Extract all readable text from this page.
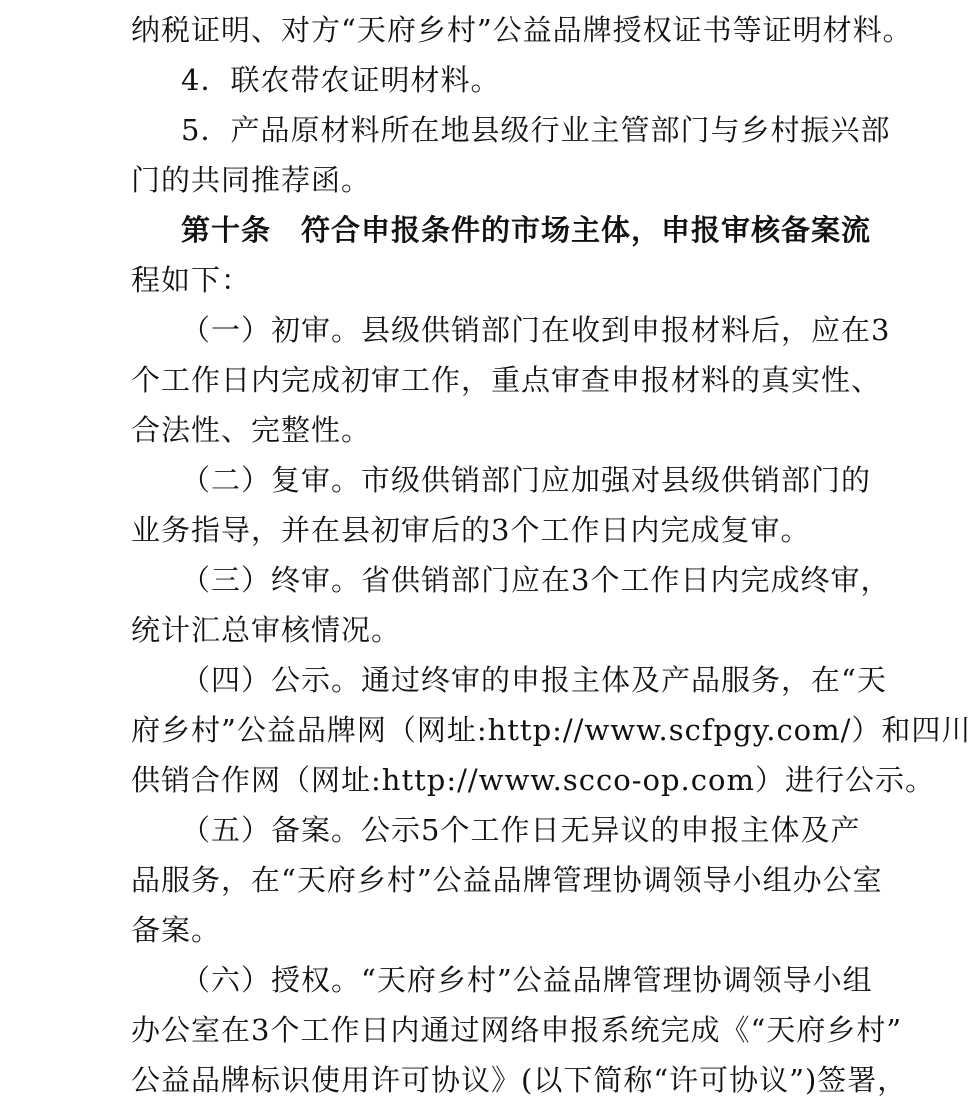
纳税证明、对方“天府乡村”公益品牌授权证书等证明材料。
4．联农带农证明材料。
5．产品原材料所在地县级行业主管部门与乡村振兴部
门的共同推荐函。
第十条　符合申报条件的市场主体，申报审核备案流
程如下：
（一）初审。县级供销部门在收到申报材料后，应在3
个工作日内完成初审工作，重点审查申报材料的真实性、
合法性、完整性。
（二）复审。市级供销部门应加强对县级供销部门的
业务指导，并在县初审后的3个工作日内完成复审。
（三）终审。省供销部门应在3个工作日内完成终审，
统计汇总审核情况。
（四）公示。通过终审的申报主体及产品服务，在“天
府乡村”公益品牌网（网址:http://www.scfpgy.com/）和四川
供销合作网（网址:http://www.scco-op.com）进行公示。
（五）备案。公示5个工作日无异议的申报主体及产
品服务，在“天府乡村”公益品牌管理协调领导小组办公室
备案。
（六）授权。“天府乡村”公益品牌管理协调领导小组
办公室在3个工作日内通过网络申报系统完成《“天府乡村”
公益品牌标识使用许可协议》(以下简称“许可协议”)签署，
